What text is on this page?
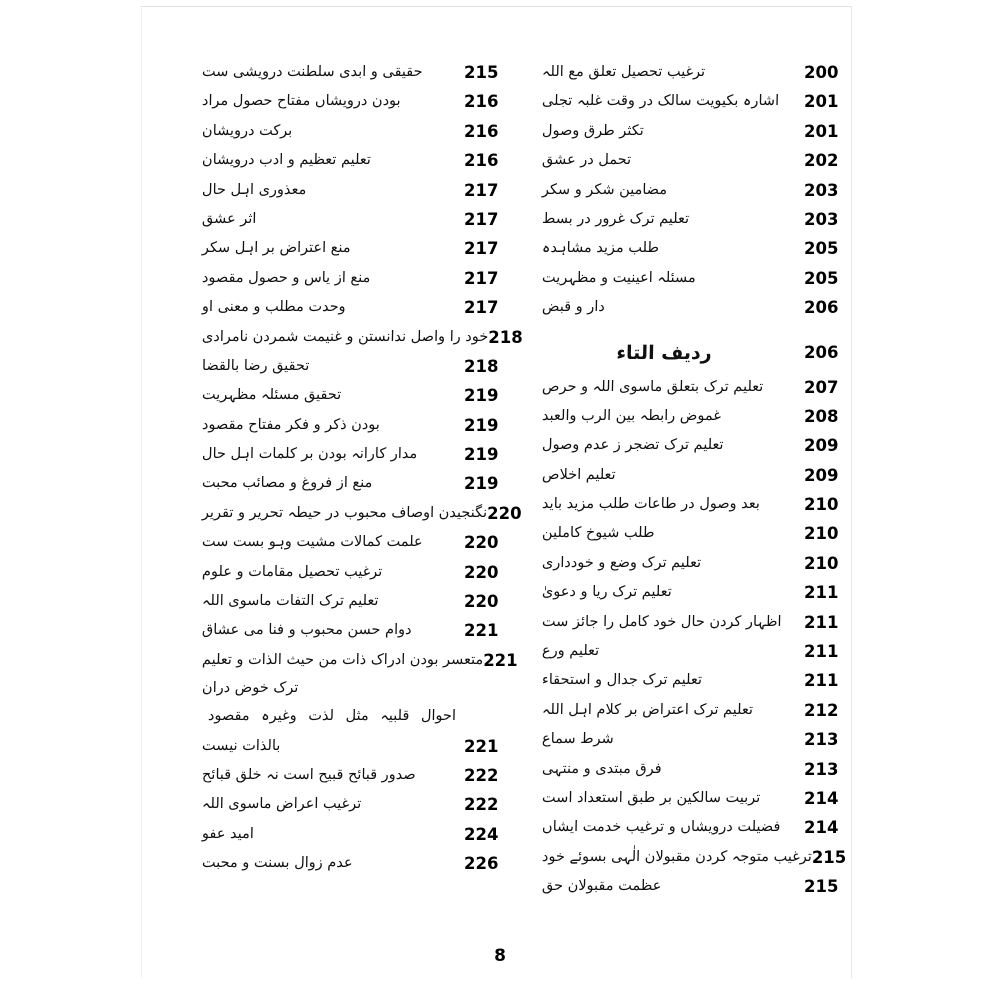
ترغیب تحصیل تعلق مع اللہ	200
اشارہ بکیویت سالک در وقت غلبہ تجلی	201
تکثر طرق وصول	201
تحمل در عشق	202
مضامین شکر و سکر	203
تعلیم ترک غرور در بسط	203
طلب مزید مشاہدہ	205
مسئلہ اعینیت و مظہریت	205
دار و قبض	206
ردیف التاء	206
تعلیم ترک بتعلق ماسوی اللہ و حرص	207
غموض رابطہ بین الرب والعبد	208
تعلیم ترک تضجر ز عدم وصول	209
تعلیم اخلاص	209
بعد وصول در طاعات طلب مزید باید	210
طلب شیوخ کاملین	210
تعلیم ترک وضع و خودداری	210
تعلیم ترک ریا و دعویٰ	211
اظہار کردن حال خود کامل را جائز ست	211
تعلیم ورع	211
تعلیم ترک جدال و استحقاء	211
تعلیم ترک اعتراض بر کلام اہل اللہ	212
شرط سماع	213
فرق مبتدی و منتہی	213
تربیت سالکین بر طبق استعداد است	214
فضیلت درویشاں و ترغیب خدمت ایشاں	214
ترغیب متوجہ کردن مقبولان الٰہی بسوئے خود 215
عظمت مقبولان حق	215
حقیقی و ابدی سلطنت درویشی ست	215
بودن درویشاں مفتاح حصول مراد	216
برکت درویشان	216
تعلیم تعظیم و ادب درویشان	216
معذوری اہل حال	217
اثر عشق	217
منع اعتراض بر اہل سکر	217
منع از یاس و حصول مقصود	217
وحدت مطلب و معنی او	217
خود را واصل ندانستن و غنیمت شمردن نامرادی 218
تحقیق رضا بالقضا	218
تحقیق مسئلہ مظہریت	219
بودن ذکر و فکر مفتاح مقصود	219
مدار کارانہ بودن بر کلمات اہل حال	219
منع از فروغ و مصائب محبت	219
نگنجیدن اوصاف محبوب در حیطہ تحریر و تقریر 220
علمت کمالات مشیت وہو بست ست	220
ترغیب تحصیل مقامات و علوم	220
تعلیم ترک التفات ماسوی اللہ	220
دوام حسن محبوب و فنا می عشاق	221
متعسر بودن ادراک ذات من حیث الذات و تعلیم 221
ترک خوض دران
احوال قلبیہ مثل لذت وغیرہ مقصود
بالذات نیست	221
صدور قبائح قبیح است نہ خلق قبائح	222
ترغیب اعراض ماسوی اللہ	222
امید عفو	224
عدم زوال بسنت و محبت	226
8
